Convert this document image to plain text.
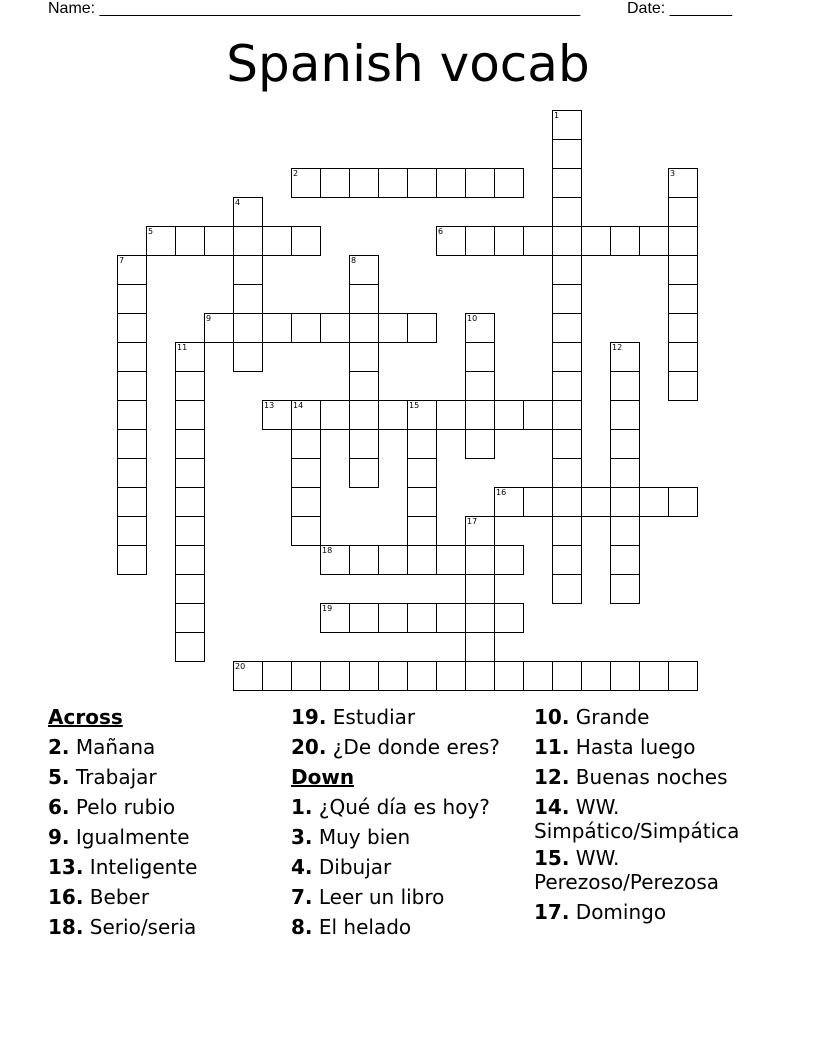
Name: ______________________________________________________	Date: _______
Spanish vocab
1
2	3
4
5	6
7	8
9	10
11	12
13 14	15
16
17
18
19
20
Across
2. Mañana
5. Trabajar
6. Pelo rubio
9. Igualmente
13. Inteligente
16. Beber
18. Serio/seria
19. Estudiar
20. ¿De donde eres?
Down
1. ¿Qué día es hoy?
3. Muy bien
4. Dibujar
7. Leer un libro
8. El helado
10. Grande
11. Hasta luego
12. Buenas noches
14. WW. Simpático/Simpática
15. WW. Perezoso/Perezosa
17. Domingo
